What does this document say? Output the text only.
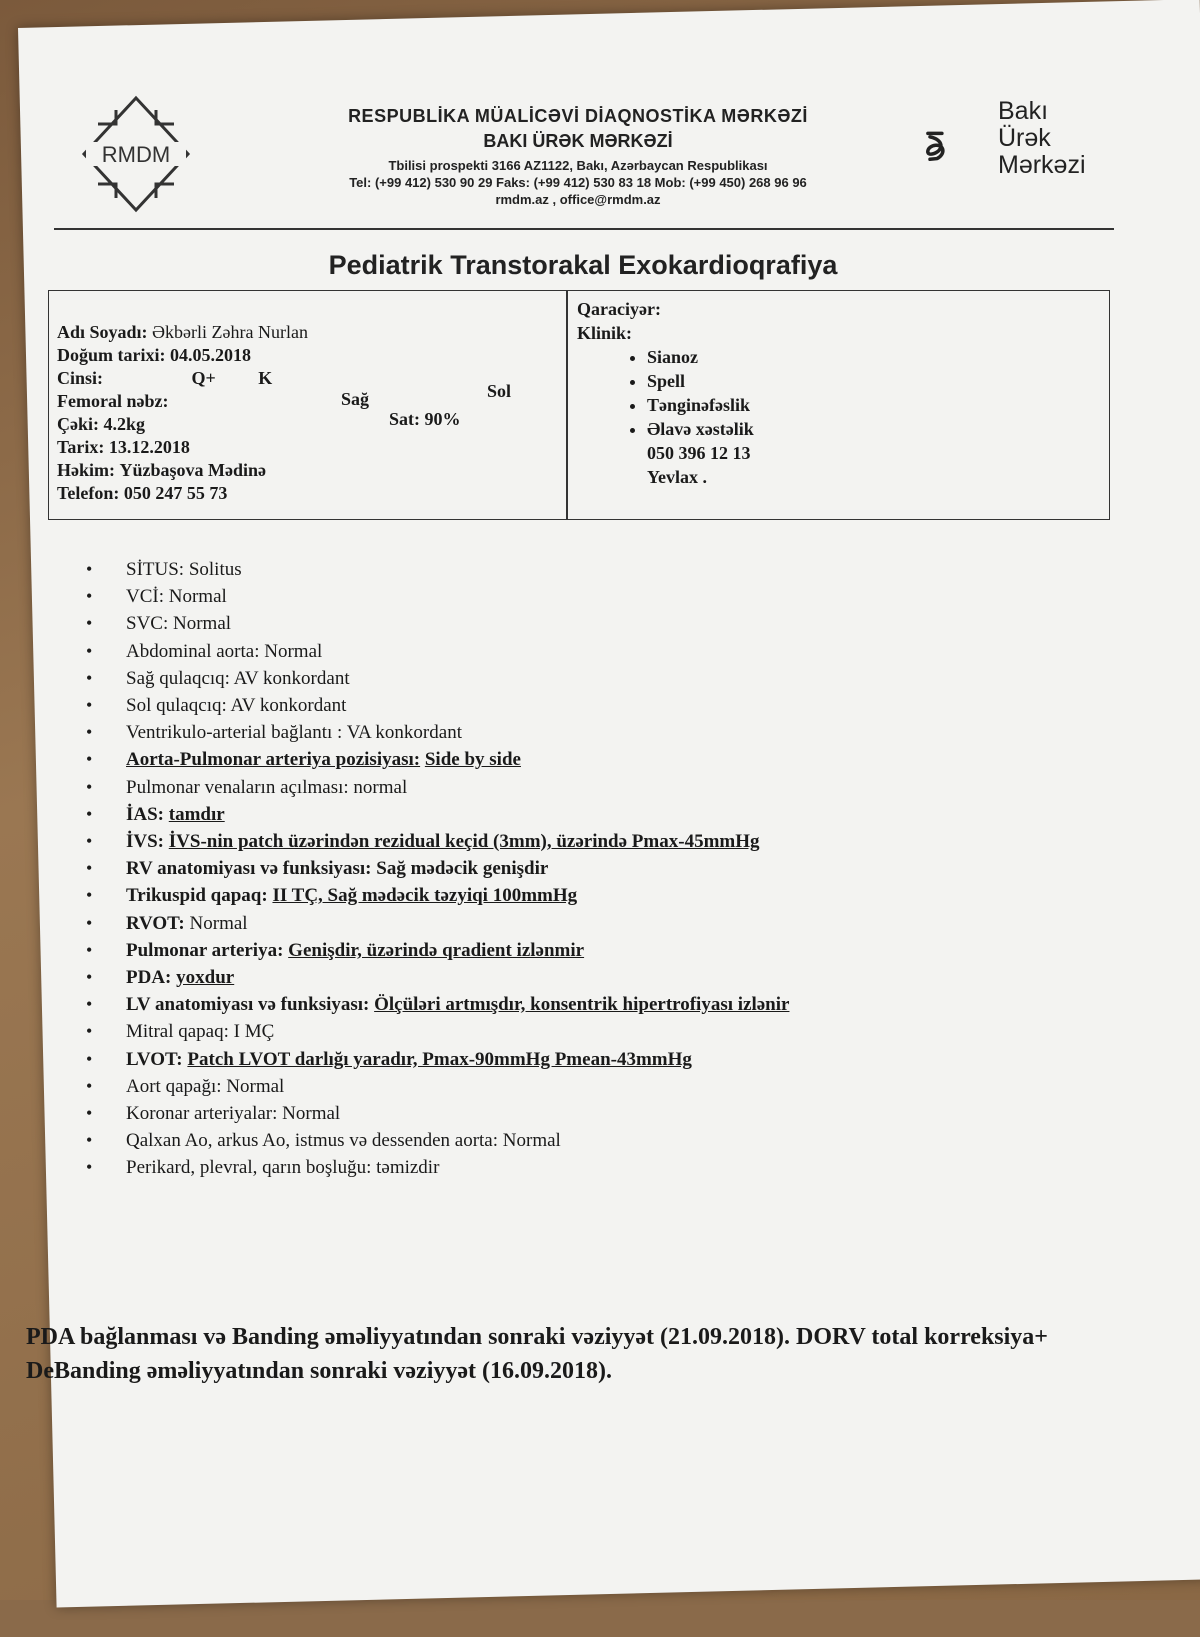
RMDM
Bakı
Ürək
Mərkəzi
RESPUBLİKA MÜALİCƏVİ DİAQNOSTİKA MƏRKƏZİ
BAKI ÜRƏK MƏRKƏZİ
Tbilisi prospekti 3166 AZ1122, Bakı, Azərbaycan Respublikası
Tel: (+99 412) 530 90 29 Faks: (+99 412) 530 83 18 Mob: (+99 450) 268 96 96
rmdm.az , office@rmdm.az
Pediatrik Transtorakal Exokardioqrafiya
Adı Soyadı: Əkbərli Zəhra Nurlan
Doğum tarixi: 04.05.2018
Cinsi:	Q+ K
Femoral nəbz:
Çəki: 4.2kg
Tarix: 13.12.2018
Həkim: Yüzbaşova Mədinə
Telefon: 050 247 55 73
Sağ	Sol
Sat: 90%
Qaraciyər:
Klinik:
• Sianoz
• Spell
• Tənginəfəslik
• Əlavə xəstəlik
050 396 12 13
Yevlax .
• SİTUS: Solitus
• VCİ: Normal
• SVC: Normal
• Abdominal aorta: Normal
• Sağ qulaqcıq: AV konkordant
• Sol qulaqcıq: AV konkordant
• Ventrikulo-arterial bağlantı : VA konkordant
• Aorta-Pulmonar arteriya pozisiyası: Side by side
• Pulmonar venaların açılması: normal
• İAS: tamdır
• İVS: İVS-nin patch üzərindən rezidual keçid (3mm), üzərində Pmax-45mmHg
• RV anatomiyası və funksiyası: Sağ mədəcik genişdir
• Trikuspid qapaq: II TÇ, Sağ mədəcik təzyiqi 100mmHg
• RVOT: Normal
• Pulmonar arteriya: Genişdir, üzərində qradient izlənmir
• PDA: yoxdur
• LV anatomiyası və funksiyası: Ölçüləri artmışdır, konsentrik hipertrofiyası izlənir
• Mitral qapaq: I MÇ
• LVOT: Patch LVOT darlığı yaradır, Pmax-90mmHg Pmean-43mmHg
• Aort qapağı: Normal
• Koronar arteriyalar: Normal
• Qalxan Ao, arkus Ao, istmus və dessenden aorta: Normal
• Perikard, plevral, qarın boşluğu: təmizdir
PDA bağlanması və Banding əməliyyatından sonraki vəziyyət (21.09.2018). DORV total korreksiya+ DeBanding əməliyyatından sonraki vəziyyət (16.09.2018).
